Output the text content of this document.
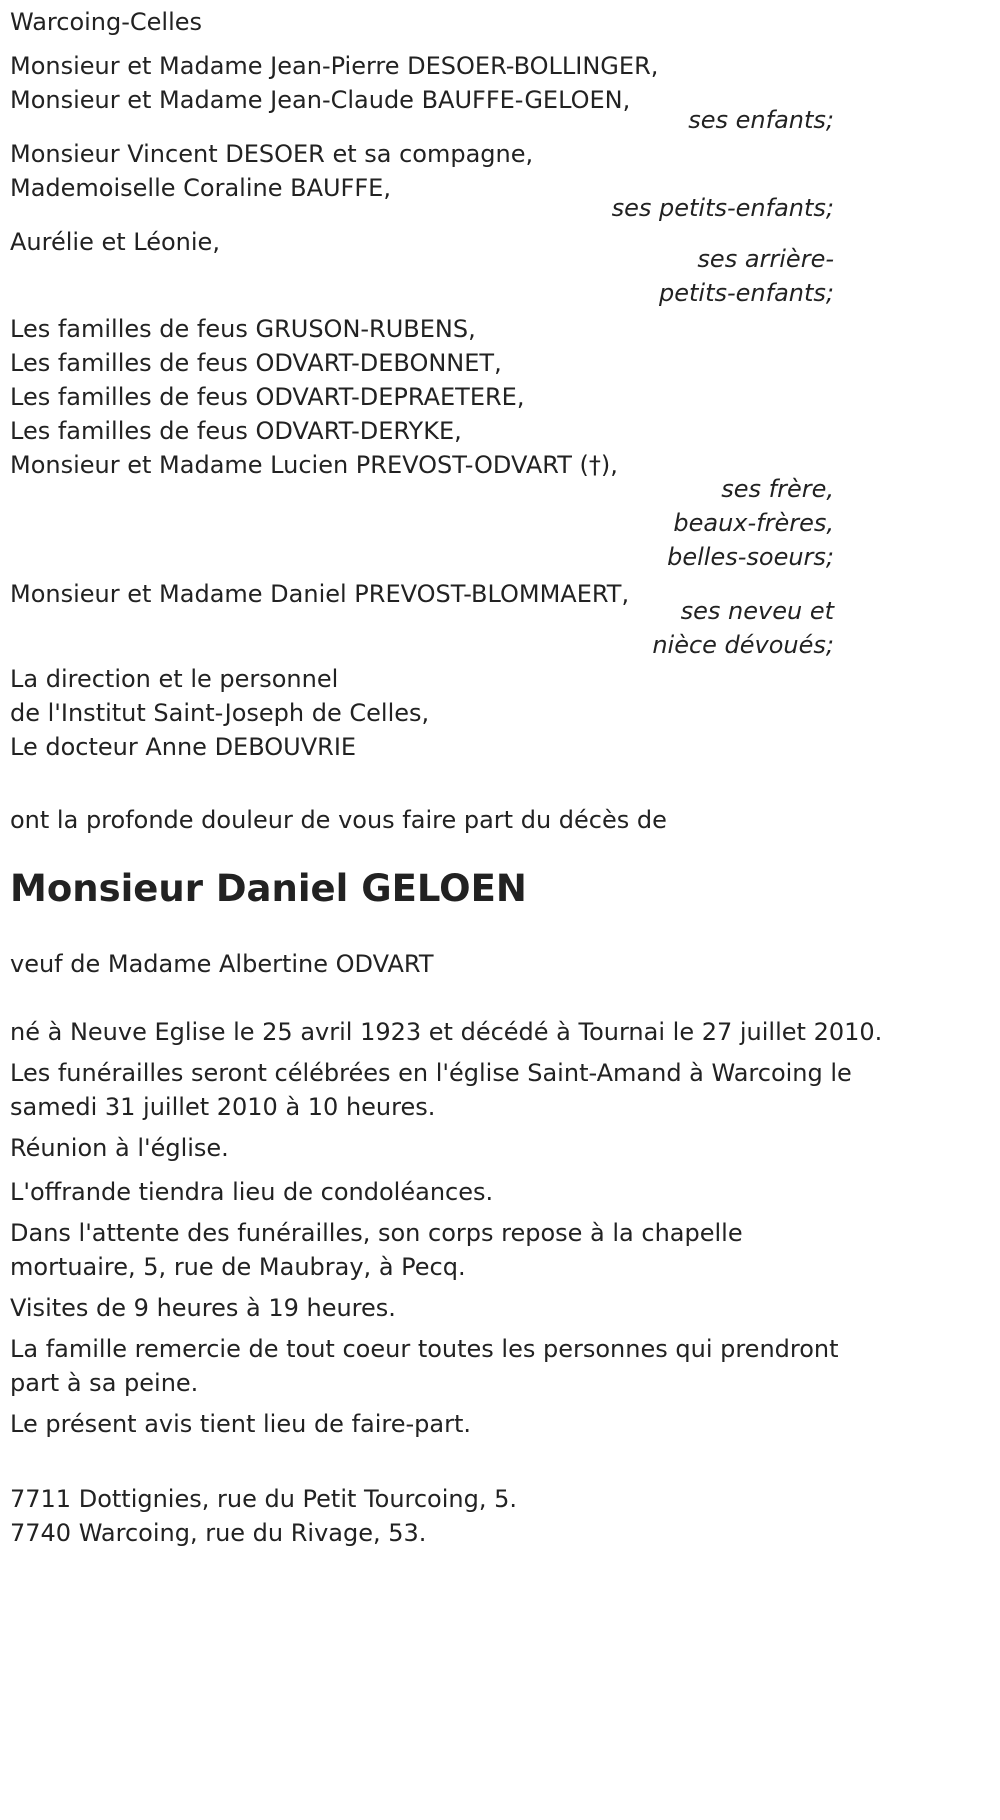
Warcoing-Celles
Monsieur et Madame Jean-Pierre DESOER-BOLLINGER,
Monsieur et Madame Jean-Claude BAUFFE-GELOEN,
ses enfants;
Monsieur Vincent DESOER et sa compagne,
Mademoiselle Coraline BAUFFE,
ses petits-enfants;
Aurélie et Léonie,
ses arrière-petits-enfants;
Les familles de feus GRUSON-RUBENS,
Les familles de feus ODVART-DEBONNET,
Les familles de feus ODVART-DEPRAETERE,
Les familles de feus ODVART-DERYKE,
Monsieur et Madame Lucien PREVOST-ODVART (†),
ses frère, beaux-frères, belles-soeurs;
Monsieur et Madame Daniel PREVOST-BLOMMAERT,
ses neveu et nièce dévoués;
La direction et le personnel
de l'Institut Saint-Joseph de Celles,
Le docteur Anne DEBOUVRIE
ont la profonde douleur de vous faire part du décès de
Monsieur Daniel GELOEN
veuf de Madame Albertine ODVART
né à Neuve Eglise le 25 avril 1923 et décédé à Tournai le 27 juillet 2010.
Les funérailles seront célébrées en l'église Saint-Amand à Warcoing le samedi 31 juillet 2010 à 10 heures.
Réunion à l'église.
L'offrande tiendra lieu de condoléances.
Dans l'attente des funérailles, son corps repose à la chapelle mortuaire, 5, rue de Maubray, à Pecq.
Visites de 9 heures à 19 heures.
La famille remercie de tout coeur toutes les personnes qui prendront part à sa peine.
Le présent avis tient lieu de faire-part.
7711 Dottignies, rue du Petit Tourcoing, 5.
7740 Warcoing, rue du Rivage, 53.
